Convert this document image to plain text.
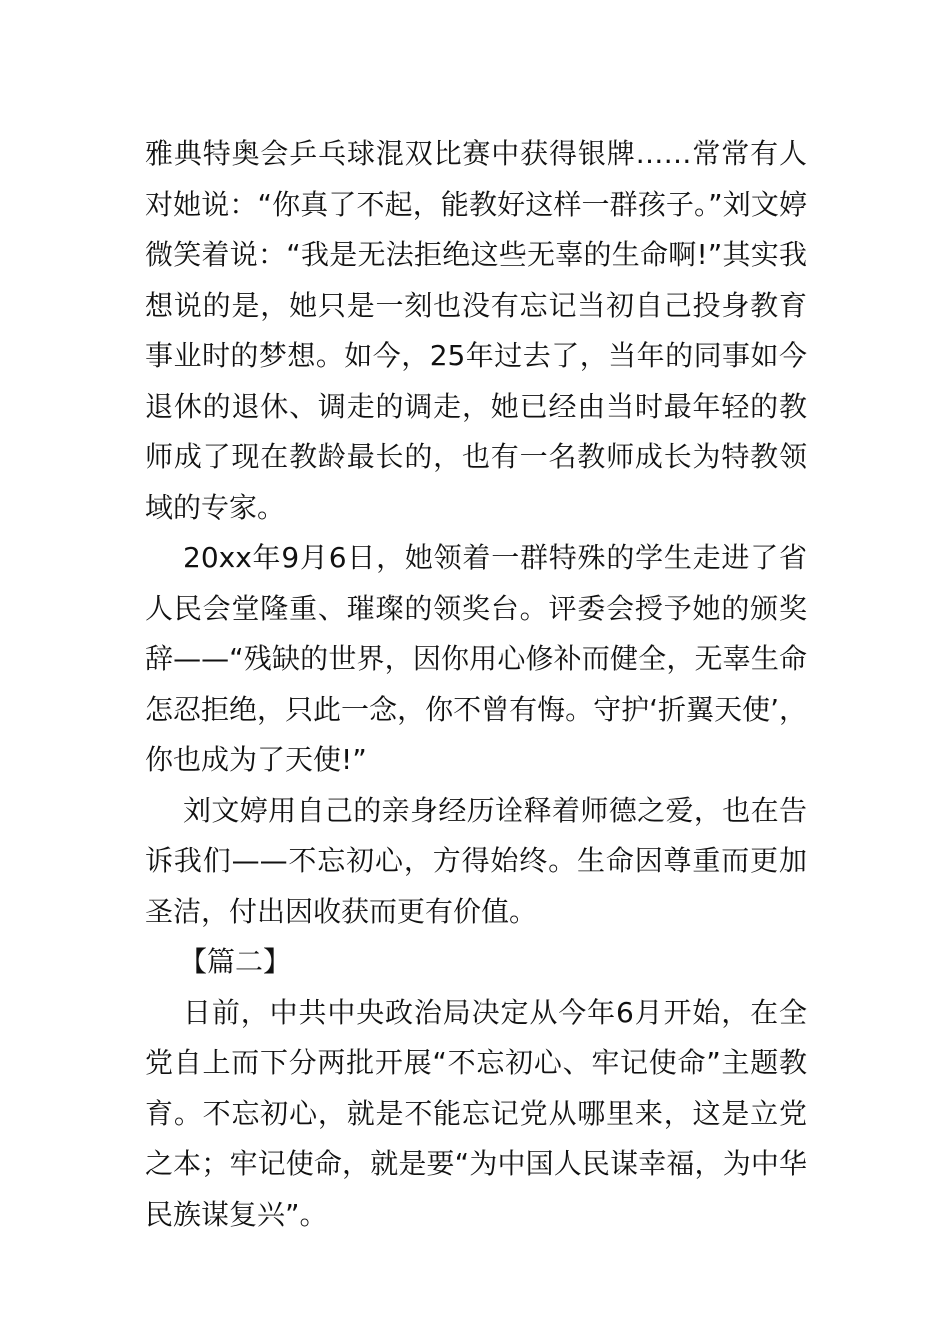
雅典特奥会乒乓球混双比赛中获得银牌……常常有人对她说：“你真了不起，能教好这样一群孩子。”刘文婷微笑着说：“我是无法拒绝这些无辜的生命啊!”其实我想说的是，她只是一刻也没有忘记当初自己投身教育事业时的梦想。如今，25年过去了，当年的同事如今退休的退休、调走的调走，她已经由当时最年轻的教师成了现在教龄最长的，也有一名教师成长为特教领域的专家。

20xx年9月6日，她领着一群特殊的学生走进了省人民会堂隆重、璀璨的领奖台。评委会授予她的颁奖辞——“残缺的世界，因你用心修补而健全，无辜生命怎忍拒绝，只此一念，你不曾有悔。守护‘折翼天使’，你也成为了天使!”

刘文婷用自己的亲身经历诠释着师德之爱，也在告诉我们——不忘初心，方得始终。生命因尊重而更加圣洁，付出因收获而更有价值。

【篇二】

日前，中共中央政治局决定从今年6月开始，在全党自上而下分两批开展“不忘初心、牢记使命”主题教育。不忘初心，就是不能忘记党从哪里来，这是立党之本；牢记使命，就是要“为中国人民谋幸福，为中华民族谋复兴”。
